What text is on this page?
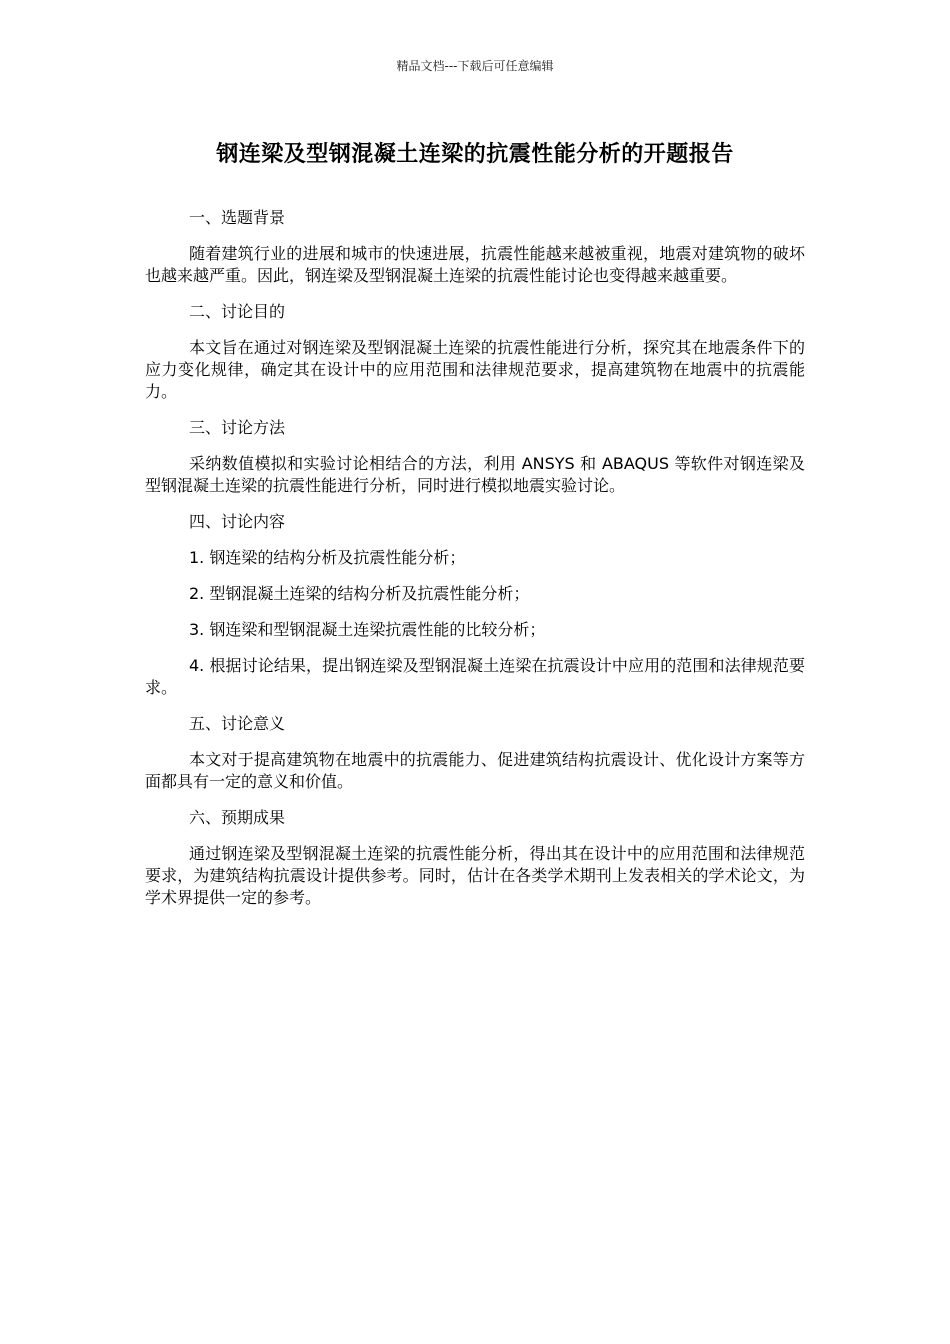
精品文档---下载后可任意编辑
钢连梁及型钢混凝土连梁的抗震性能分析的开题报告
一、选题背景
随着建筑行业的进展和城市的快速进展，抗震性能越来越被重视，地震对建筑物的破坏也越来越严重。因此，钢连梁及型钢混凝土连梁的抗震性能讨论也变得越来越重要。
二、讨论目的
本文旨在通过对钢连梁及型钢混凝土连梁的抗震性能进行分析，探究其在地震条件下的应力变化规律，确定其在设计中的应用范围和法律规范要求，提高建筑物在地震中的抗震能力。
三、讨论方法
采纳数值模拟和实验讨论相结合的方法，利用 ANSYS 和 ABAQUS 等软件对钢连梁及型钢混凝土连梁的抗震性能进行分析，同时进行模拟地震实验讨论。
四、讨论内容
1. 钢连梁的结构分析及抗震性能分析；
2. 型钢混凝土连梁的结构分析及抗震性能分析；
3. 钢连梁和型钢混凝土连梁抗震性能的比较分析；
4. 根据讨论结果，提出钢连梁及型钢混凝土连梁在抗震设计中应用的范围和法律规范要求。
五、讨论意义
本文对于提高建筑物在地震中的抗震能力、促进建筑结构抗震设计、优化设计方案等方面都具有一定的意义和价值。
六、预期成果
通过钢连梁及型钢混凝土连梁的抗震性能分析，得出其在设计中的应用范围和法律规范要求，为建筑结构抗震设计提供参考。同时，估计在各类学术期刊上发表相关的学术论文，为学术界提供一定的参考。
